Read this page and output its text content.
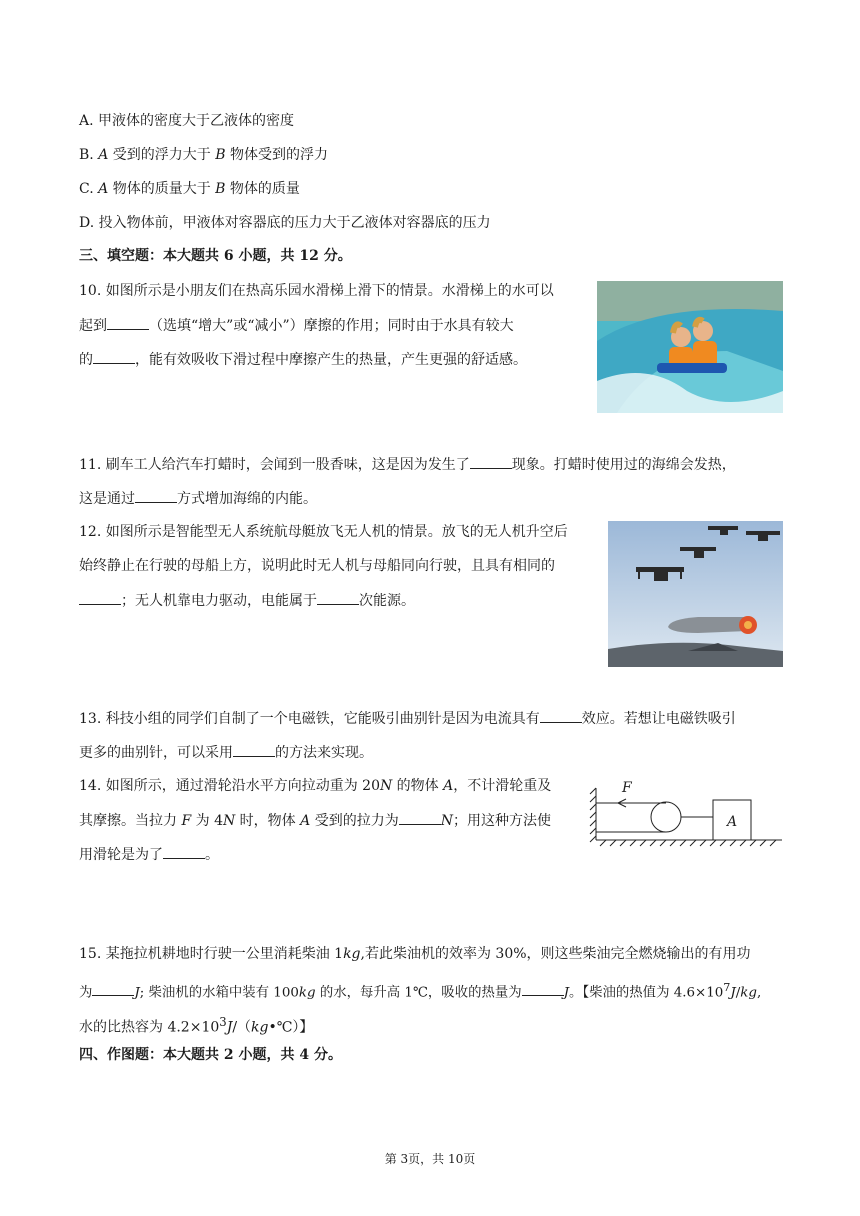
A. 甲液体的密度大于乙液体的密度
B. A 受到的浮力大于 B 物体受到的浮力
C. A 物体的质量大于 B 物体的质量
D. 投入物体前，甲液体对容器底的压力大于乙液体对容器底的压力
三、填空题：本大题共 6 小题，共 12 分。
10. 如图所示是小朋友们在热高乐园水滑梯上滑下的情景。水滑梯上的水可以
起到	（选填“增大”或“减小”）摩擦的作用；同时由于水具有较大
的	，能有效吸收下滑过程中摩擦产生的热量，产生更强的舒适感。
11. 刷车工人给汽车打蜡时，会闻到一股香味，这是因为发生了	现象。打蜡时使用过的海绵会发热，
这是通过	方式增加海绵的内能。
12. 如图所示是智能型无人系统航母艇放飞无人机的情景。放飞的无人机升空后
始终静止在行驶的母船上方，说明此时无人机与母船同向行驶，且具有相同的
；无人机靠电力驱动，电能属于	次能源。
13. 科技小组的同学们自制了一个电磁铁，它能吸引曲别针是因为电流具有	效应。若想让电磁铁吸引
更多的曲别针，可以采用	的方法来实现。
14. 如图所示，通过滑轮沿水平方向拉动重为 20N 的物体 A，不计滑轮重及
其摩擦。当拉力 F 为 4N 时，物体 A 受到的拉力为	N；用这种方法使
用滑轮是为了	。
F
A
15. 某拖拉机耕地时行驶一公里消耗柴油 1kg,若此柴油机的效率为 30%，则这些柴油完全燃烧输出的有用功
为	J; 柴油机的水箱中装有 100kg 的水，每升高 1℃，吸收的热量为	J。【柴油的热值为 $4.6\times 10^7J/kg$,
水的比热容为 $4.2\times 10^3J/(kg•℃)$】
四、作图题：本大题共 2 小题，共 4 分。
第 3页，共 10页
